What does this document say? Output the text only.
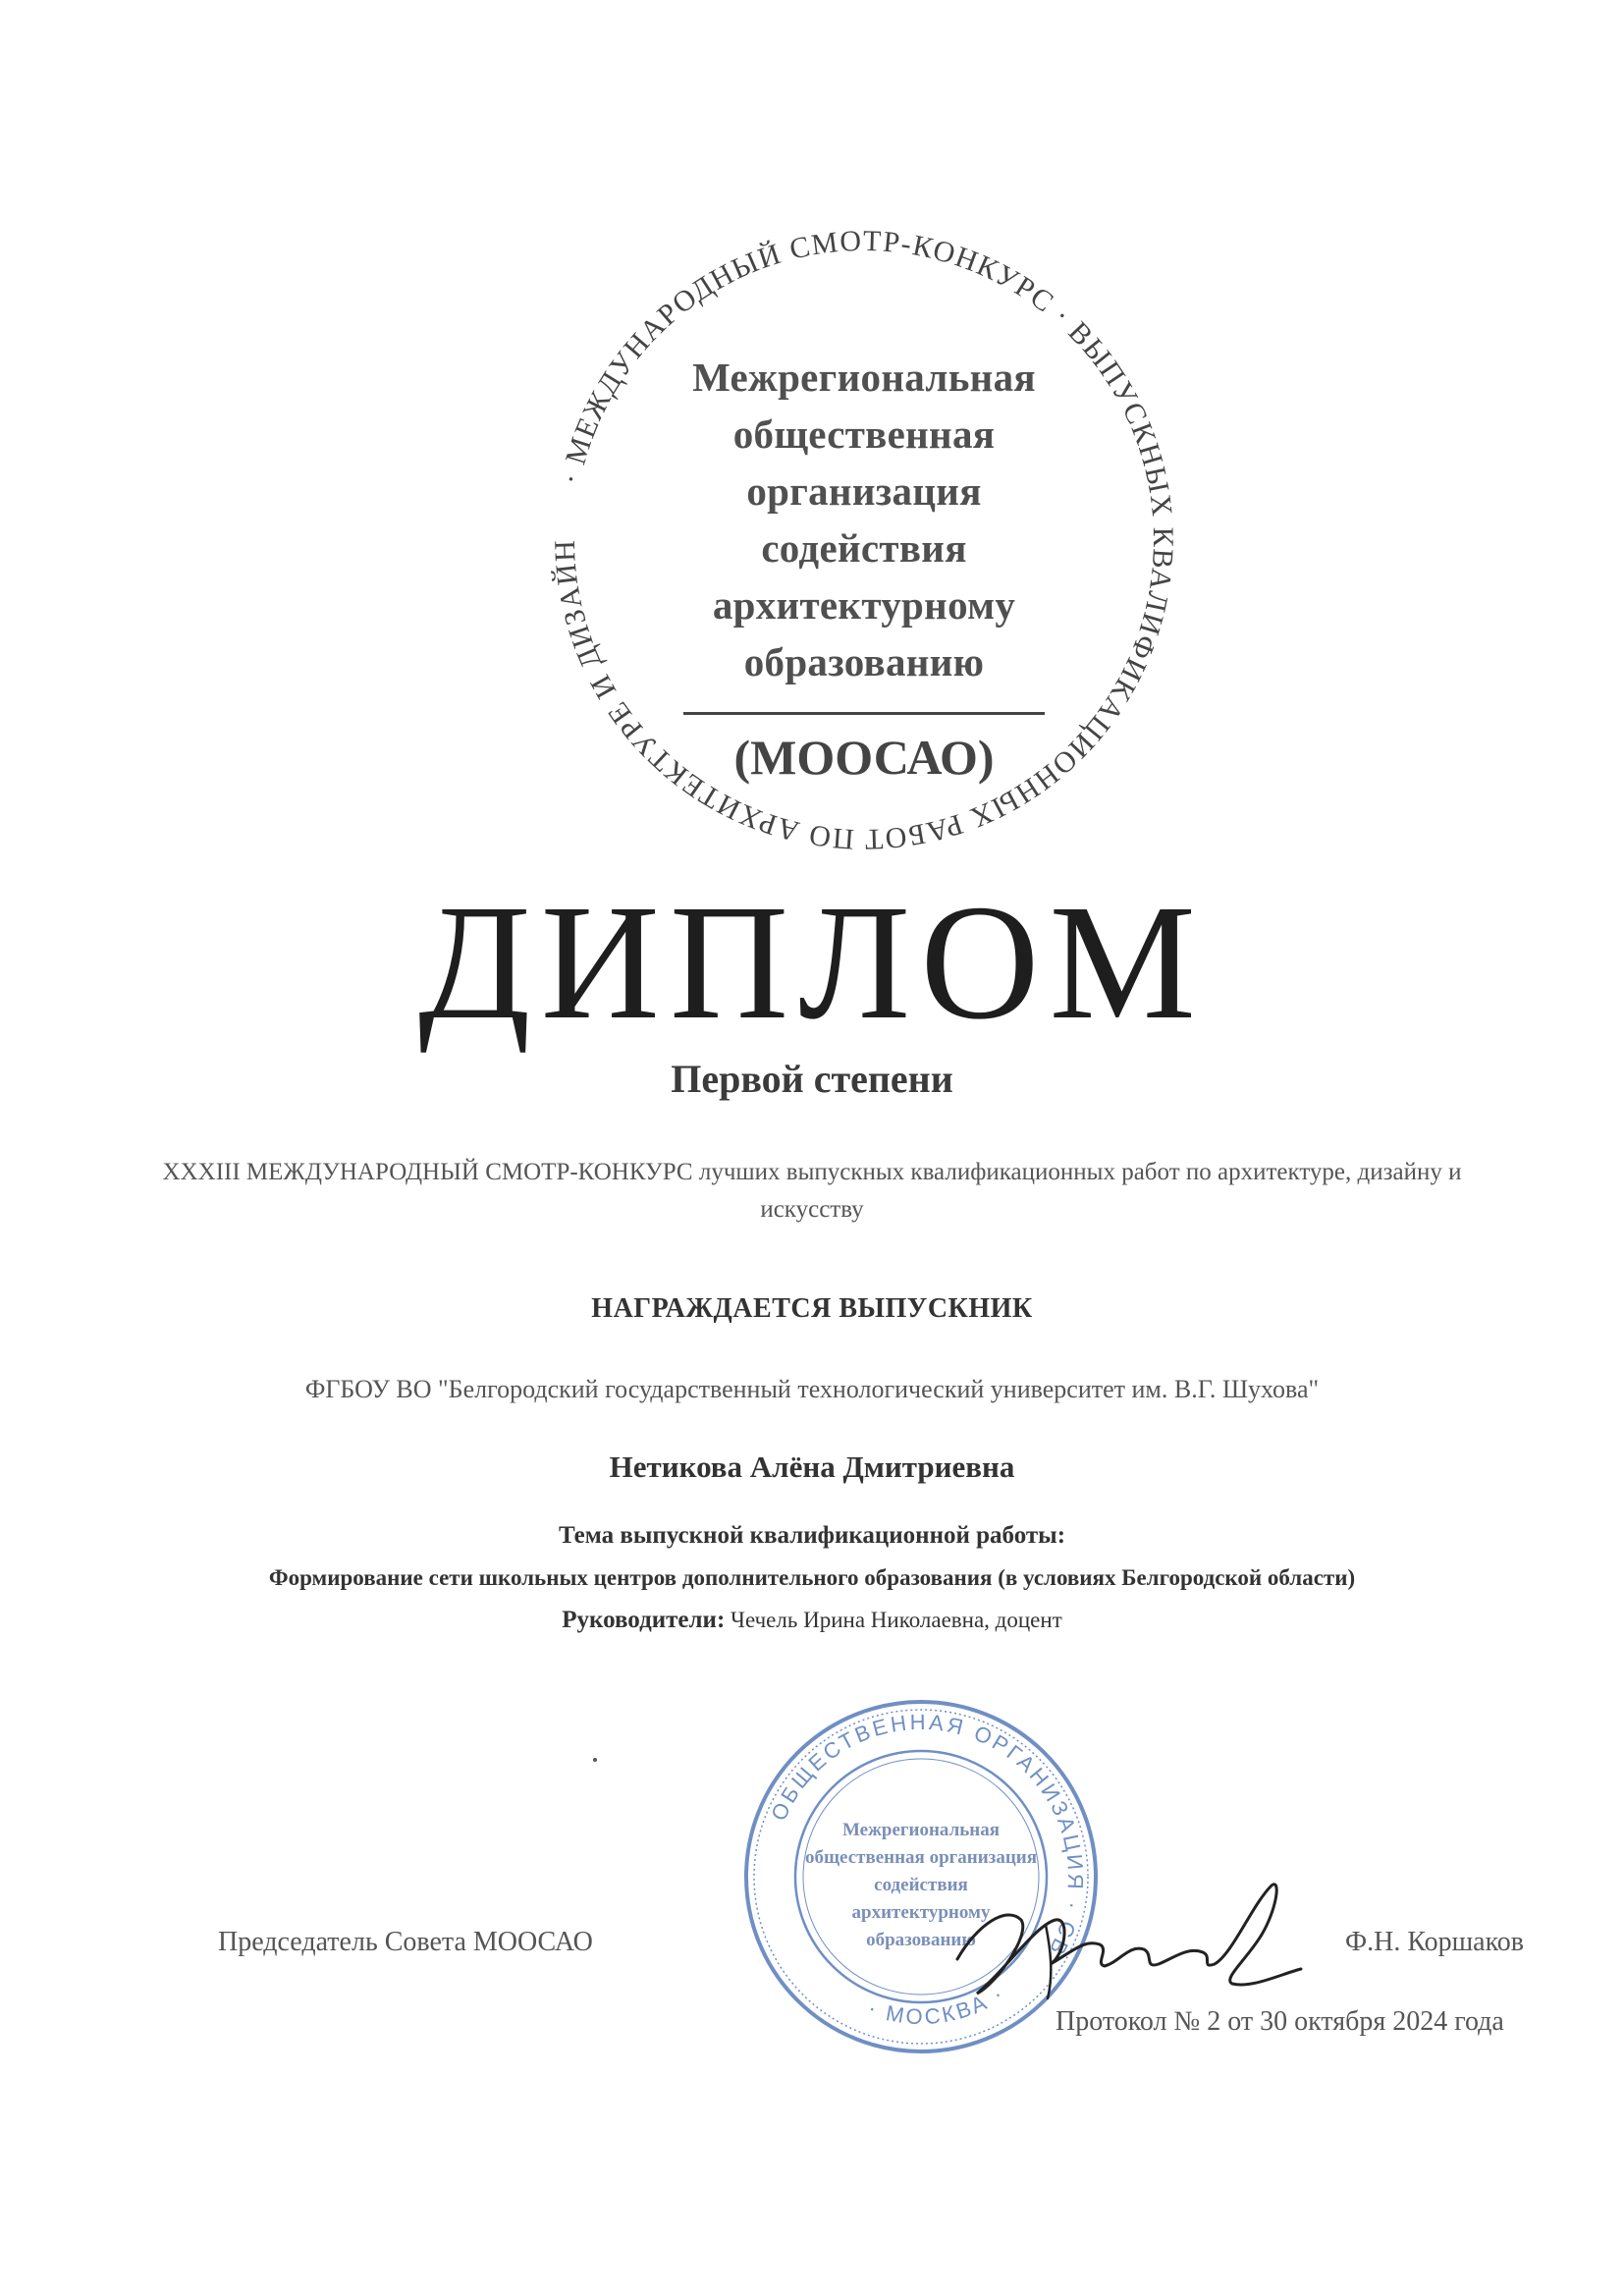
· МЕЖДУНАРОДНЫЙ СМОТР-КОНКУРС · ВЫПУСКНЫХ КВАЛИФИКАЦИОННЫХ РАБОТ ПО АРХИТЕКТУРЕ И ДИЗАЙН
Межрегиональная
общественная
организация
содействия
архитектурному
образованию
(МООСАО)
ДИПЛОМ
Первой степени
XXXIII МЕЖДУНАРОДНЫЙ СМОТР-КОНКУРС лучших выпускных квалификационных работ по архитектуре, дизайну и искусству
НАГРАЖДАЕТСЯ ВЫПУСКНИК
ФГБОУ ВО "Белгородский государственный технологический университет им. В.Г. Шухова"
Нетикова Алёна Дмитриевна
Тема выпускной квалификационной работы:
Формирование сети школьных центров дополнительного образования (в условиях Белгородской области)
Руководители: Чечель Ирина Николаевна, доцент
ОБЩЕСТВЕННАЯ ОРГАНИЗАЦИЯ · СВ
· МОСКВА ·
Межрегиональная
общественная организация
содействия
архитектурному
образованию
Председатель Совета МООСАО	Ф.Н. Коршаков
Протокол № 2 от 30 октября 2024 года
